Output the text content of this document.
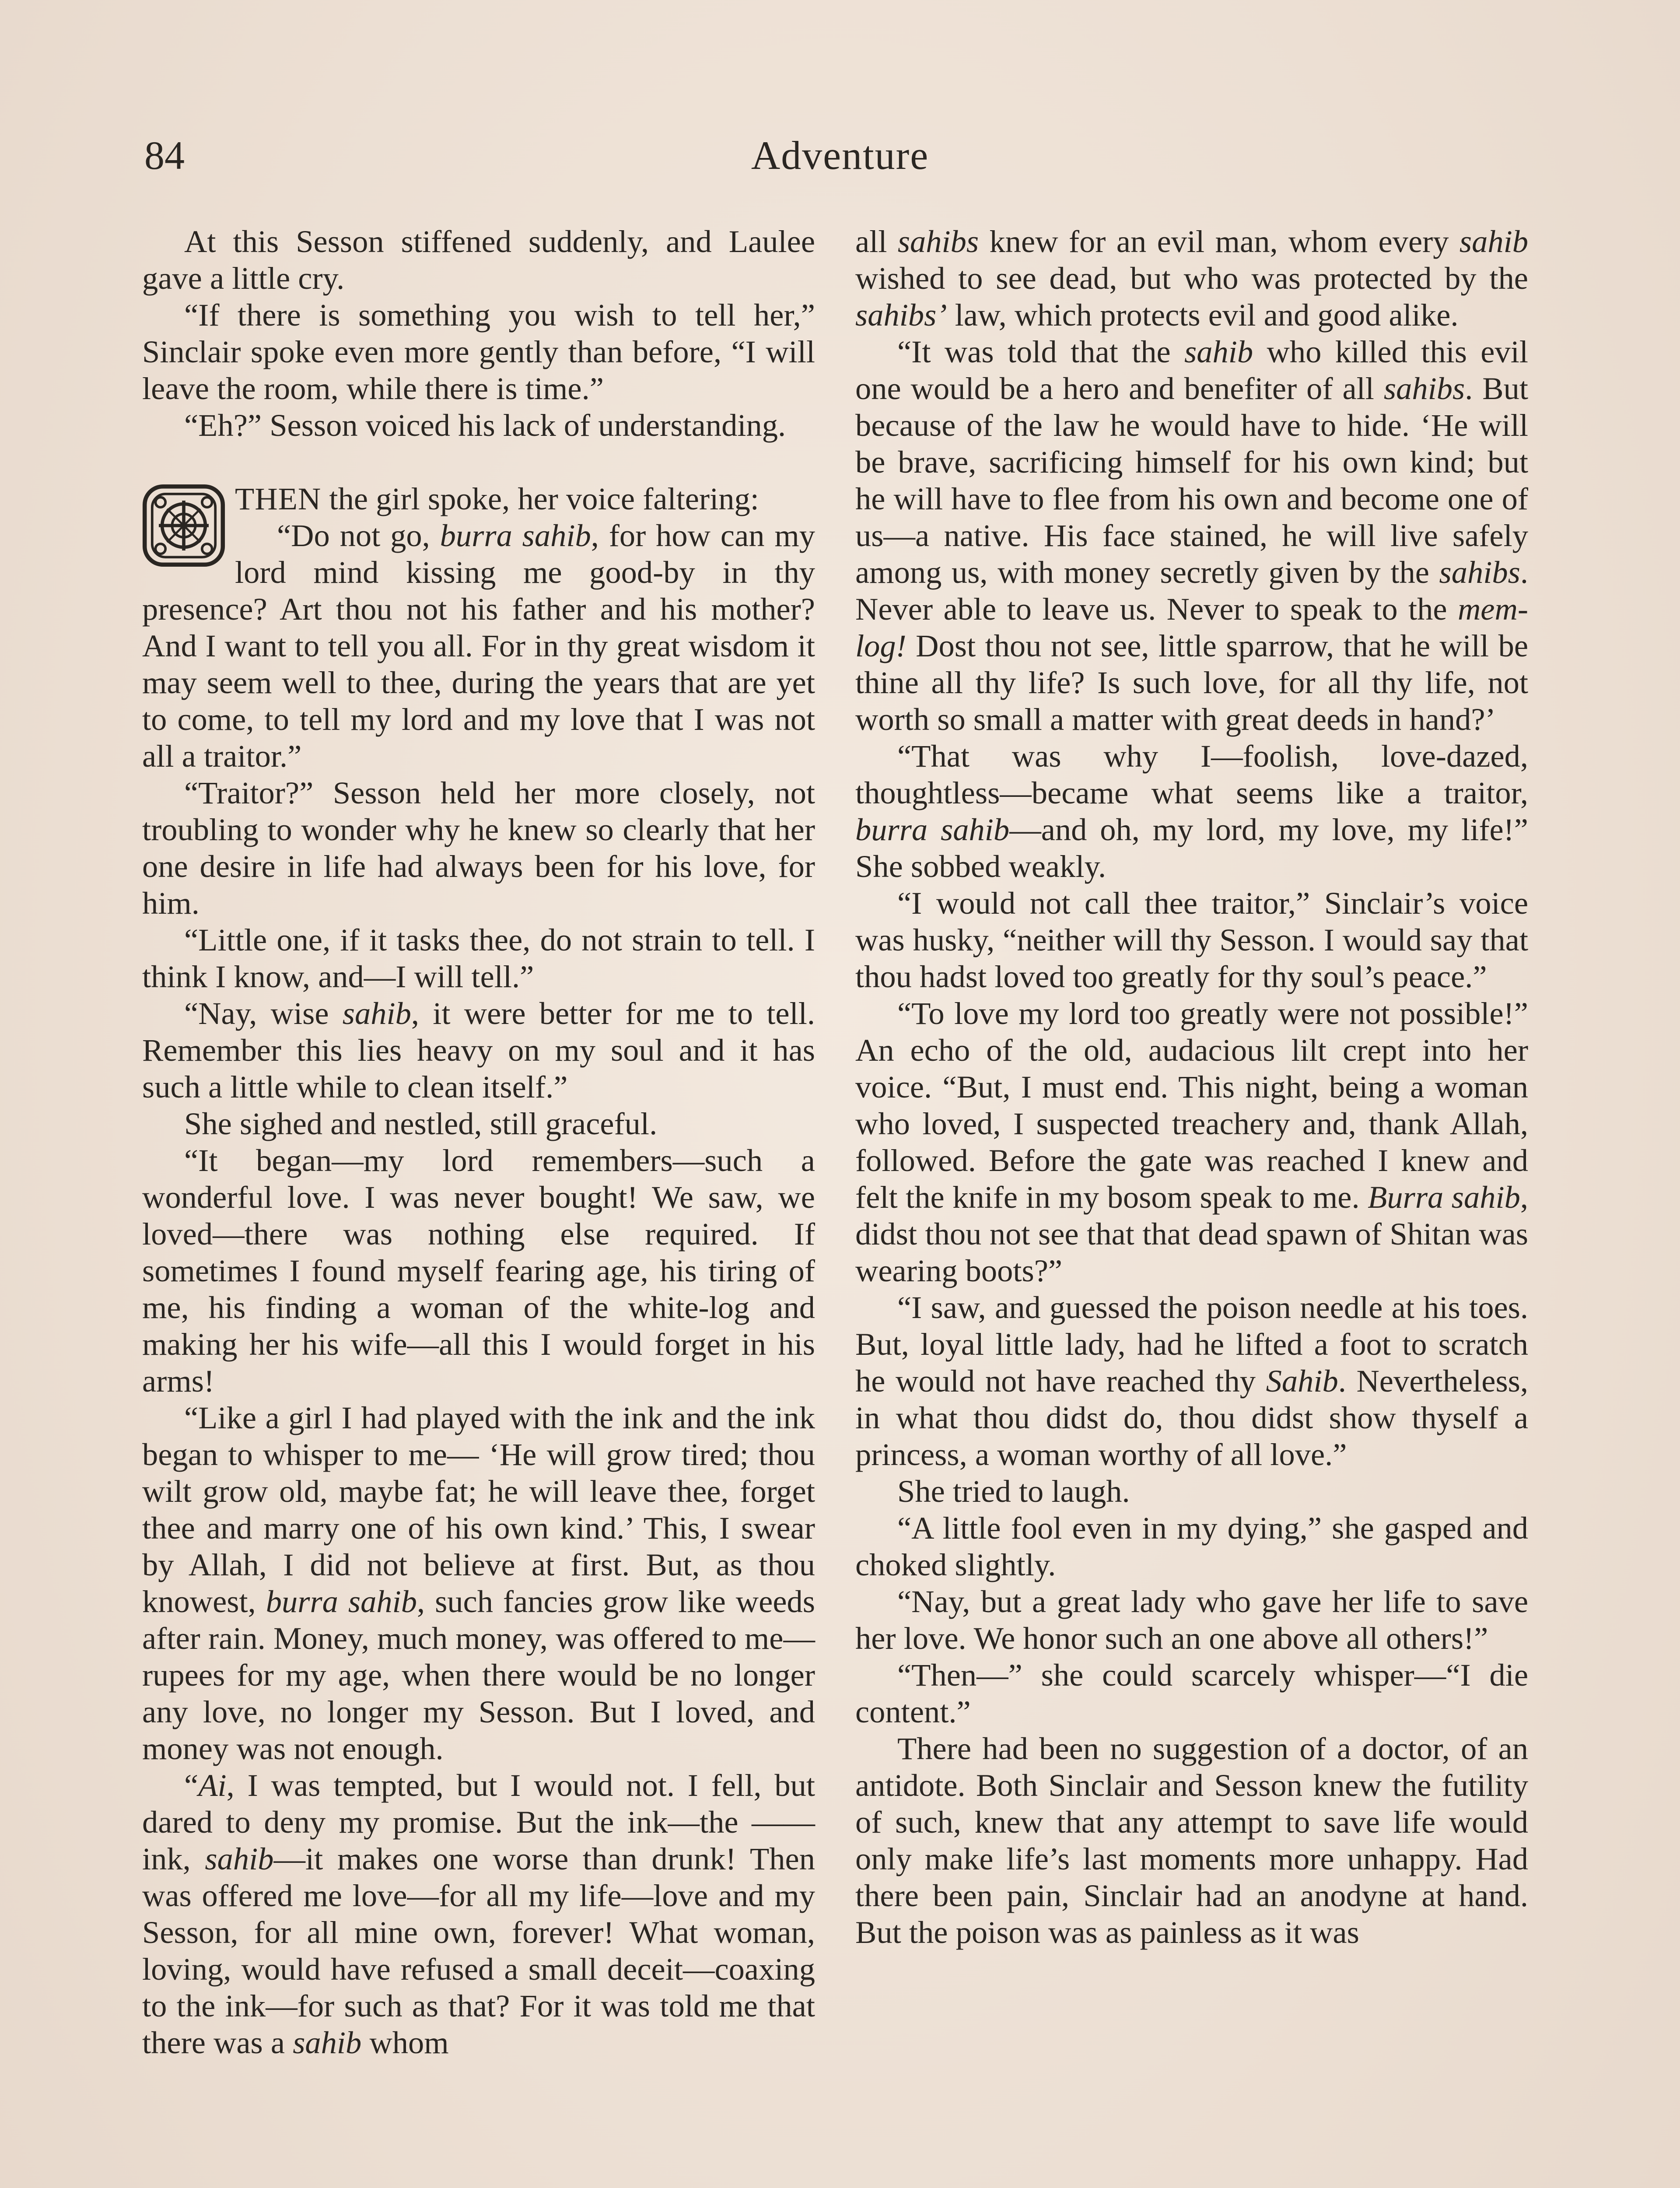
84	Adventure

At this Sesson stiffened suddenly, and Laulee gave a little cry.

“If there is something you wish to tell her,” Sinclair spoke even more gently than before, “I will leave the room, while there is time.”

“Eh?” Sesson voiced his lack of understanding.

THEN the girl spoke, her voice faltering:

“Do not go, burra sahib, for how can my lord mind kissing me good-by in thy presence? Art thou not his father and his mother? And I want to tell you all. For in thy great wisdom it may seem well to thee, during the years that are yet to come, to tell my lord and my love that I was not all a traitor.”

“Traitor?” Sesson held her more closely, not troubling to wonder why he knew so clearly that her one desire in life had always been for his love, for him.

“Little one, if it tasks thee, do not strain to tell. I think I know, and—I will tell.”

“Nay, wise sahib, it were better for me to tell. Remember this lies heavy on my soul and it has such a little while to clean itself.”

She sighed and nestled, still graceful.

“It began—my lord remembers—such a wonderful love. I was never bought! We saw, we loved—there was nothing else required. If sometimes I found myself fearing age, his tiring of me, his finding a woman of the white-log and making her his wife—all this I would forget in his arms!

“Like a girl I had played with the ink and the ink began to whisper to me— ‘He will grow tired; thou wilt grow old, maybe fat; he will leave thee, forget thee and marry one of his own kind.’ This, I swear by Allah, I did not believe at first. But, as thou knowest, burra sahib, such fancies grow like weeds after rain. Money, much money, was offered to me—rupees for my age, when there would be no longer any love, no longer my Sesson. But I loved, and money was not enough.

“Ai, I was tempted, but I would not. I fell, but dared to deny my promise. But the ink—the —— ink, sahib—it makes one worse than drunk! Then was offered me love—for all my life—love and my Sesson, for all mine own, forever! What woman, loving, would have refused a small deceit—coaxing to the ink—for such as that? For it was told me that there was a sahib whom

all sahibs knew for an evil man, whom every sahib wished to see dead, but who was protected by the sahibs’ law, which protects evil and good alike.

“It was told that the sahib who killed this evil one would be a hero and benefiter of all sahibs. But because of the law he would have to hide. ‘He will be brave, sacrificing himself for his own kind; but he will have to flee from his own and become one of us—a native. His face stained, he will live safely among us, with money secretly given by the sahibs. Never able to leave us. Never to speak to the mem-log! Dost thou not see, little sparrow, that he will be thine all thy life? Is such love, for all thy life, not worth so small a matter with great deeds in hand?’

“That was why I—foolish, love-dazed, thoughtless—became what seems like a traitor, burra sahib—and oh, my lord, my love, my life!” She sobbed weakly.

“I would not call thee traitor,” Sinclair’s voice was husky, “neither will thy Sesson. I would say that thou hadst loved too greatly for thy soul’s peace.”

“To love my lord too greatly were not possible!” An echo of the old, audacious lilt crept into her voice. “But, I must end. This night, being a woman who loved, I suspected treachery and, thank Allah, followed. Before the gate was reached I knew and felt the knife in my bosom speak to me. Burra sahib, didst thou not see that that dead spawn of Shitan was wearing boots?”

“I saw, and guessed the poison needle at his toes. But, loyal little lady, had he lifted a foot to scratch he would not have reached thy Sahib. Nevertheless, in what thou didst do, thou didst show thyself a princess, a woman worthy of all love.”

She tried to laugh.

“A little fool even in my dying,” she gasped and choked slightly.

“Nay, but a great lady who gave her life to save her love. We honor such an one above all others!”

“Then—” she could scarcely whisper—“I die content.”

There had been no suggestion of a doctor, of an antidote. Both Sinclair and Sesson knew the futility of such, knew that any attempt to save life would only make life’s last moments more unhappy. Had there been pain, Sinclair had an anodyne at hand. But the poison was as painless as it was
